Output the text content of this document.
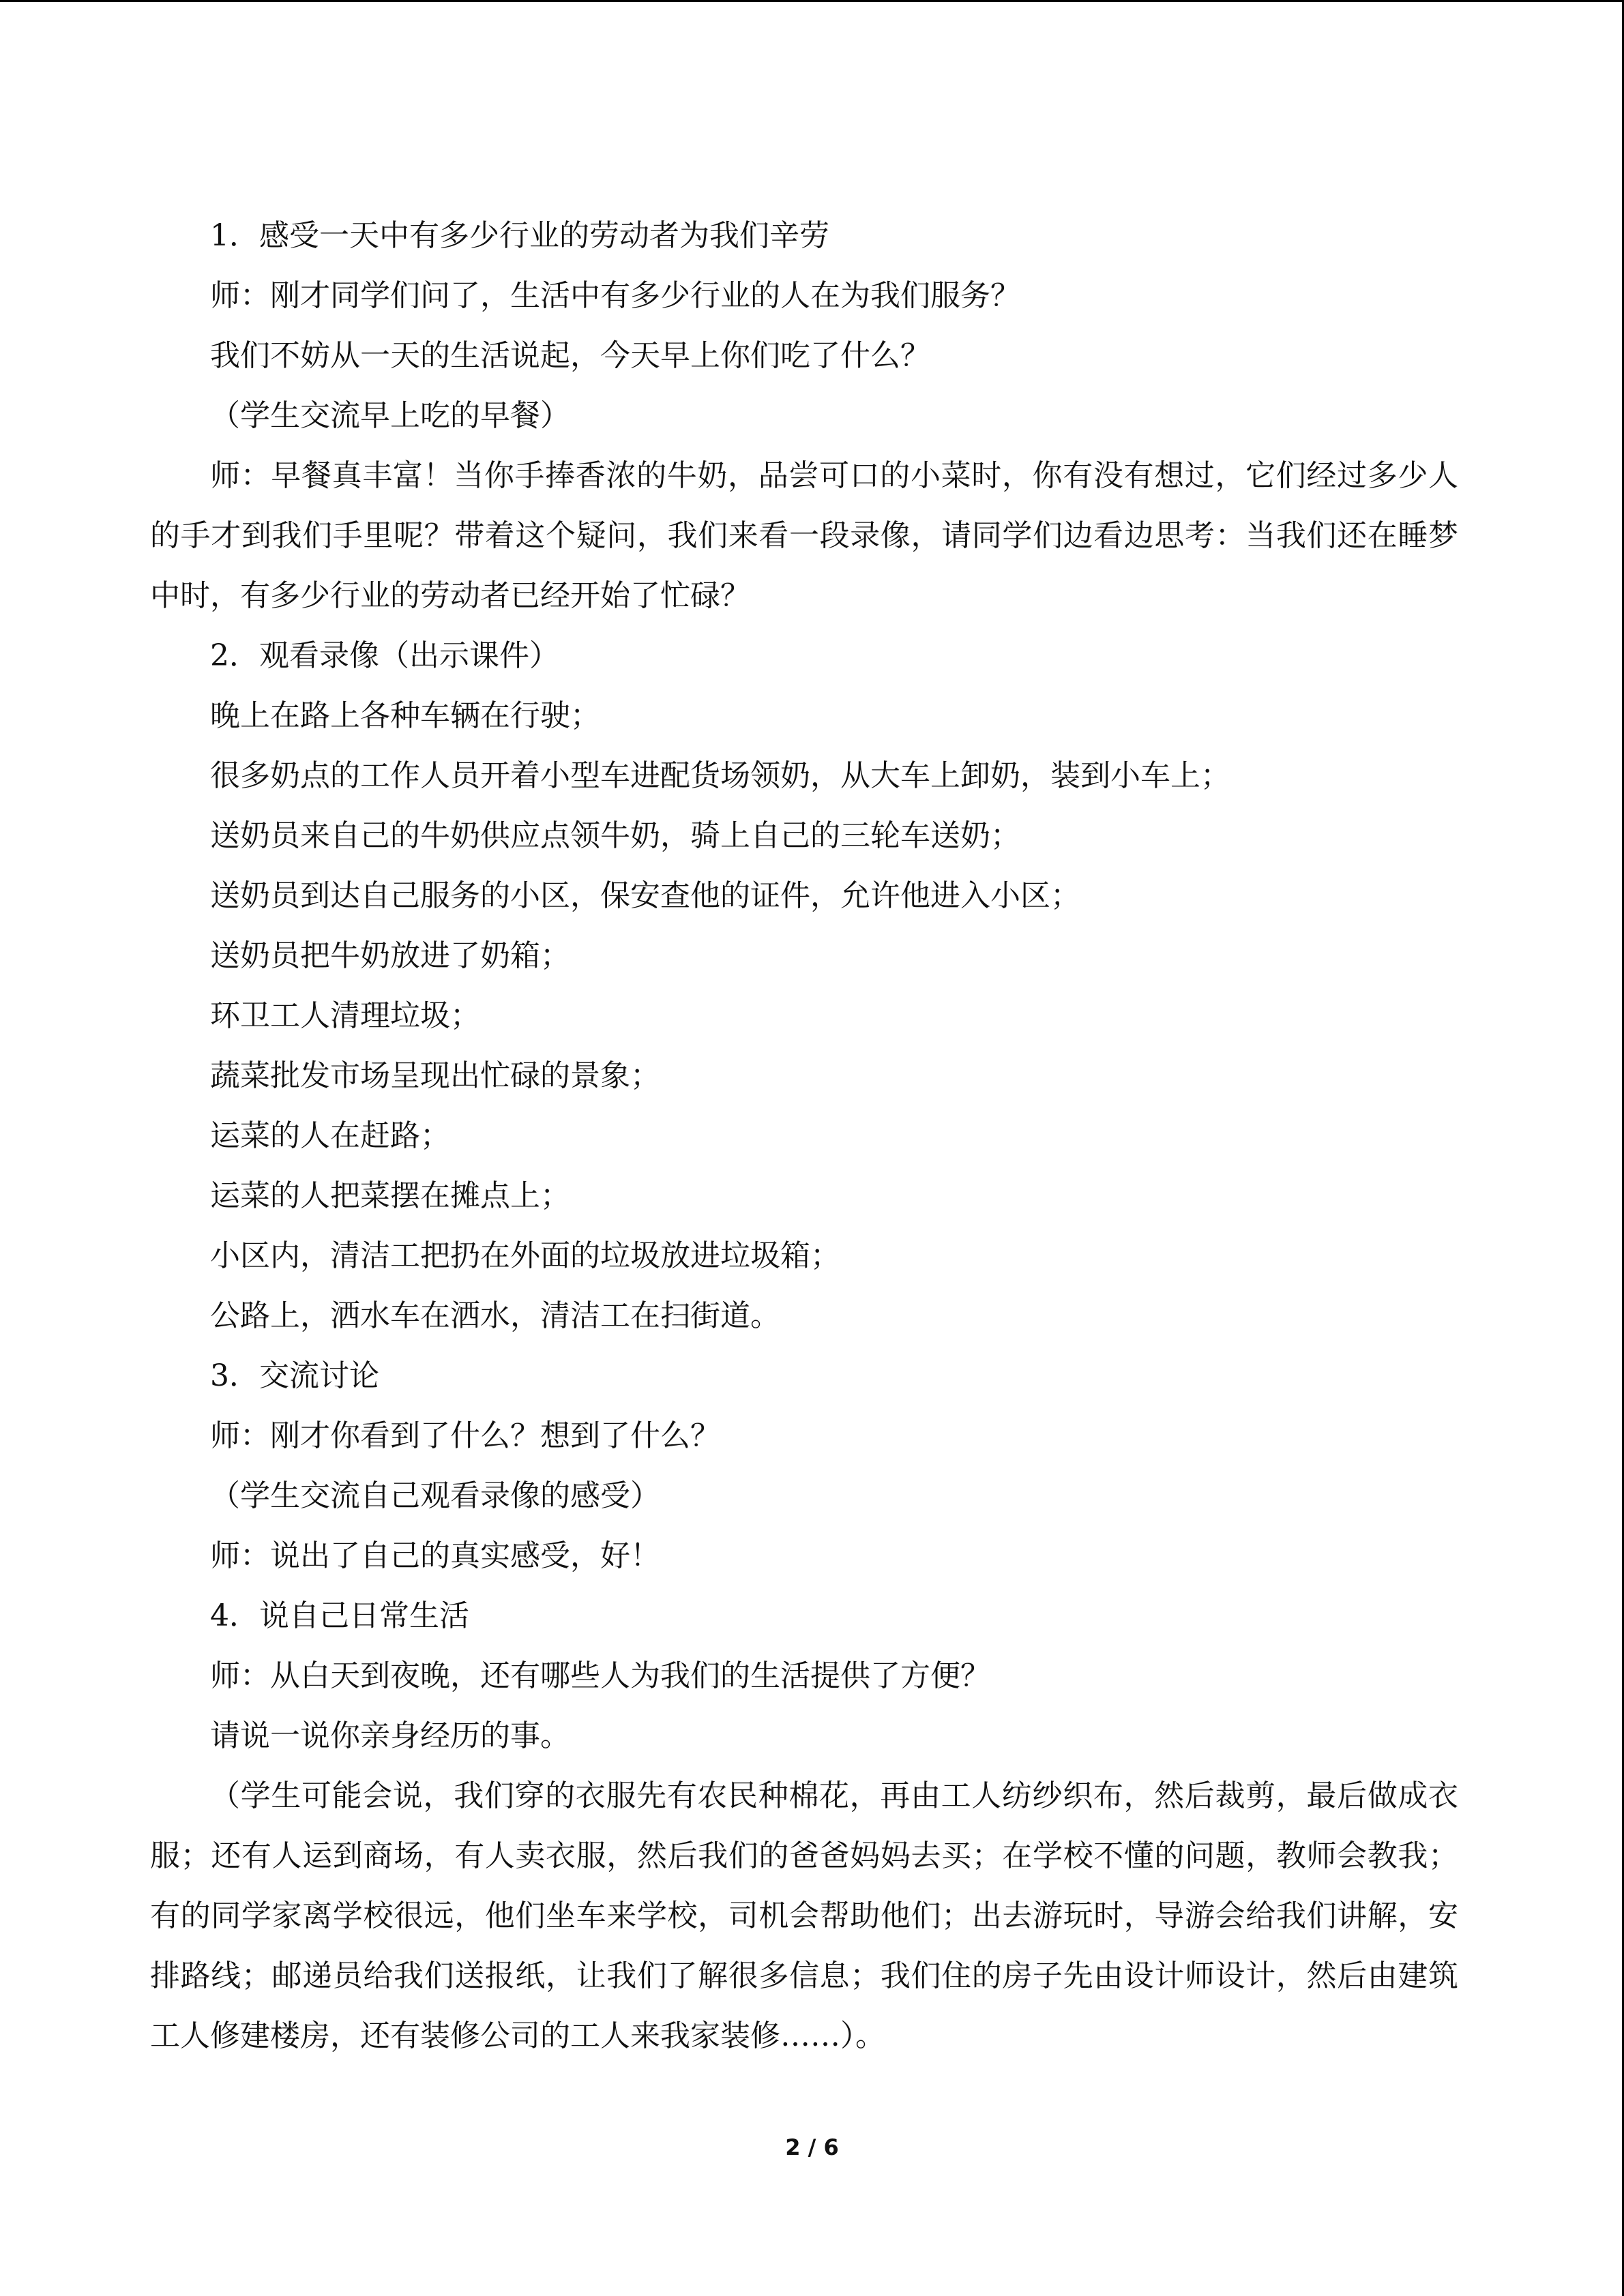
1．感受一天中有多少行业的劳动者为我们辛劳

师：刚才同学们问了，生活中有多少行业的人在为我们服务？

我们不妨从一天的生活说起，今天早上你们吃了什么？

（学生交流早上吃的早餐）

师：早餐真丰富！当你手捧香浓的牛奶，品尝可口的小菜时，你有没有想过，它们经过多少人的手才到我们手里呢？带着这个疑问，我们来看一段录像，请同学们边看边思考：当我们还在睡梦中时，有多少行业的劳动者已经开始了忙碌？

2．观看录像（出示课件）

晚上在路上各种车辆在行驶；

很多奶点的工作人员开着小型车进配货场领奶，从大车上卸奶，装到小车上；

送奶员来自己的牛奶供应点领牛奶，骑上自己的三轮车送奶；

送奶员到达自己服务的小区，保安查他的证件，允许他进入小区；

送奶员把牛奶放进了奶箱；

环卫工人清理垃圾；

蔬菜批发市场呈现出忙碌的景象；

运菜的人在赶路；

运菜的人把菜摆在摊点上；

小区内，清洁工把扔在外面的垃圾放进垃圾箱；

公路上，洒水车在洒水，清洁工在扫街道。

3．交流讨论

师：刚才你看到了什么？想到了什么？

（学生交流自己观看录像的感受）

师：说出了自己的真实感受，好！

4．说自己日常生活

师：从白天到夜晚，还有哪些人为我们的生活提供了方便？

请说一说你亲身经历的事。

（学生可能会说，我们穿的衣服先有农民种棉花，再由工人纺纱织布，然后裁剪，最后做成衣服；还有人运到商场，有人卖衣服，然后我们的爸爸妈妈去买；在学校不懂的问题，教师会教我；有的同学家离学校很远，他们坐车来学校，司机会帮助他们；出去游玩时，导游会给我们讲解，安排路线；邮递员给我们送报纸，让我们了解很多信息；我们住的房子先由设计师设计，然后由建筑工人修建楼房，还有装修公司的工人来我家装修……）。

2 / 6
